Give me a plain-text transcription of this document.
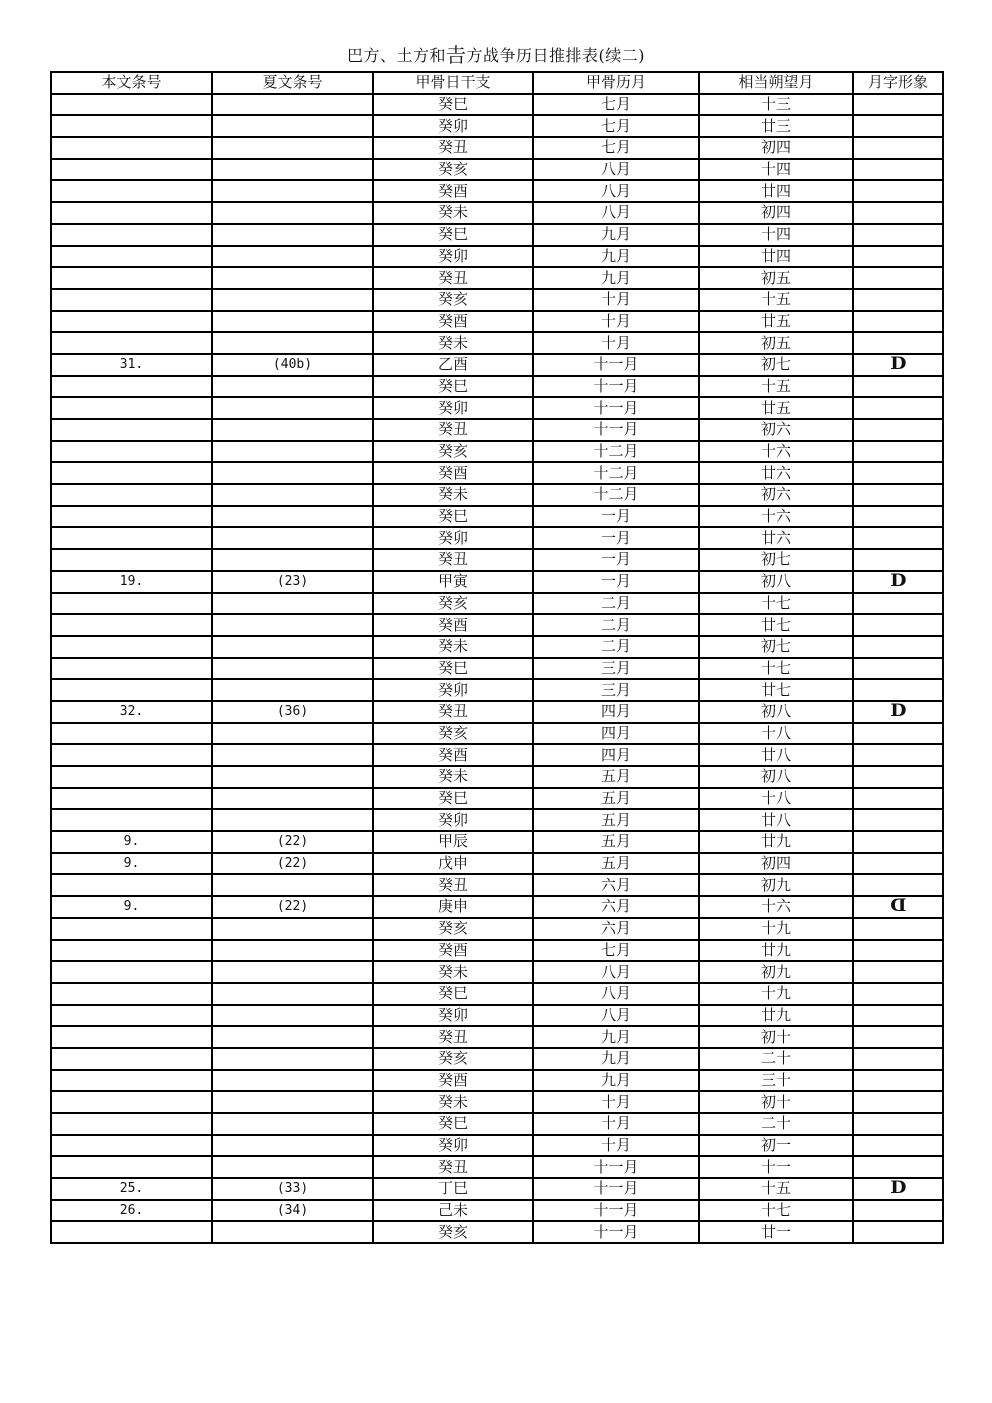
巴方、土方和𠮷方战争历日推排表(续二)
本文条号	夏文条号	甲骨日干支	甲骨历月	相当朔望月	月字形象
		癸巳	七月	十三	
		癸卯	七月	廿三	
		癸丑	七月	初四	
		癸亥	八月	十四	
		癸酉	八月	廿四	
		癸未	八月	初四	
		癸巳	九月	十四	
		癸卯	九月	廿四	
		癸丑	九月	初五	
		癸亥	十月	十五	
		癸酉	十月	廿五	
		癸未	十月	初五	
31.	(40b)	乙酉	十一月	初七	D
		癸巳	十一月	十五	
		癸卯	十一月	廿五	
		癸丑	十一月	初六	
		癸亥	十二月	十六	
		癸酉	十二月	廿六	
		癸未	十二月	初六	
		癸巳	一月	十六	
		癸卯	一月	廿六	
		癸丑	一月	初七	
19.	(23)	甲寅	一月	初八	D
		癸亥	二月	十七	
		癸酉	二月	廿七	
		癸未	二月	初七	
		癸巳	三月	十七	
		癸卯	三月	廿七	
32.	(36)	癸丑	四月	初八	D
		癸亥	四月	十八	
		癸酉	四月	廿八	
		癸未	五月	初八	
		癸巳	五月	十八	
		癸卯	五月	廿八	
9.	(22)	甲辰	五月	廿九	
9.	(22)	戊申	五月	初四	
		癸丑	六月	初九	
9.	(22)	庚申	六月	十六	D
		癸亥	六月	十九	
		癸酉	七月	廿九	
		癸未	八月	初九	
		癸巳	八月	十九	
		癸卯	八月	廿九	
		癸丑	九月	初十	
		癸亥	九月	二十	
		癸酉	九月	三十	
		癸未	十月	初十	
		癸巳	十月	二十	
		癸卯	十月	初一	
		癸丑	十一月	十一	
25.	(33)	丁巳	十一月	十五	D
26.	(34)	己未	十一月	十七	
		癸亥	十一月	廿一	
